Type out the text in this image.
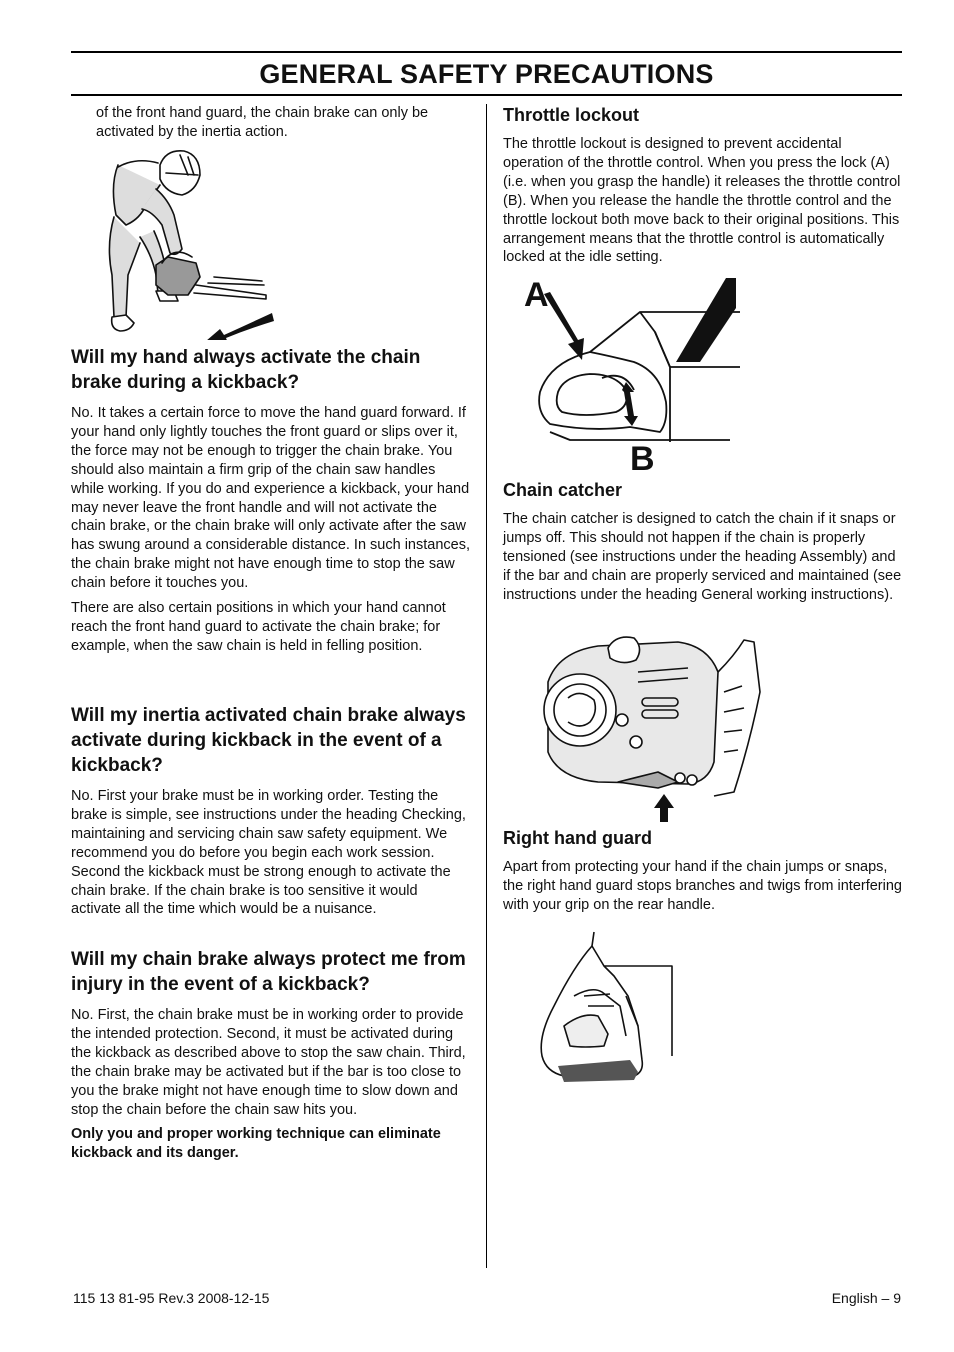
GENERAL SAFETY PRECAUTIONS

of the front hand guard, the chain brake can only be activated by the inertia action.

Will my hand always activate the chain brake during a kickback?

No. It takes a certain force to move the hand guard forward. If your hand only lightly touches the front guard or slips over it, the force may not be enough to trigger the chain brake. You should also maintain a firm grip of the chain saw handles while working. If you do and experience a kickback, your hand may never leave the front handle and will not activate the chain brake, or the chain brake will only activate after the saw has swung around a considerable distance. In such instances, the chain brake might not have enough time to stop the saw chain before it touches you.

There are also certain positions in which your hand cannot reach the front hand guard to activate the chain brake; for example, when the saw chain is held in felling position.

Will my inertia activated chain brake always activate during kickback in the event of a kickback?

No. First your brake must be in working order. Testing the brake is simple, see instructions under the heading Checking, maintaining and servicing chain saw safety equipment. We recommend you do before you begin each work session. Second the kickback must be strong enough to activate the chain brake. If the chain brake is too sensitive it would activate all the time which would be a nuisance.

Will my chain brake always protect me from injury in the event of a kickback?

No. First, the chain brake must be in working order to provide the intended protection. Second, it must be activated during the kickback as described above to stop the saw chain. Third, the chain brake may be activated but if the bar is too close to you the brake might not have enough time to slow down and stop the chain before the chain saw hits you.

Only you and proper working technique can eliminate kickback and its danger.

Throttle lockout

The throttle lockout is designed to prevent accidental operation of the throttle control. When you press the lock (A) (i.e. when you grasp the handle) it releases the throttle control (B). When you release the handle the throttle control and the throttle lockout both move back to their original positions. This arrangement means that the throttle control is automatically locked at the idle setting.

A
B
Chain catcher

The chain catcher is designed to catch the chain if it snaps or jumps off. This should not happen if the chain is properly tensioned (see instructions under the heading Assembly) and if the bar and chain are properly serviced and maintained (see instructions under the heading General working instructions).

Right hand guard

Apart from protecting your hand if the chain jumps or snaps, the right hand guard stops branches and twigs from interfering with your grip on the rear handle.

115 13 81-95 Rev.3 2008-12-15	English – 9
